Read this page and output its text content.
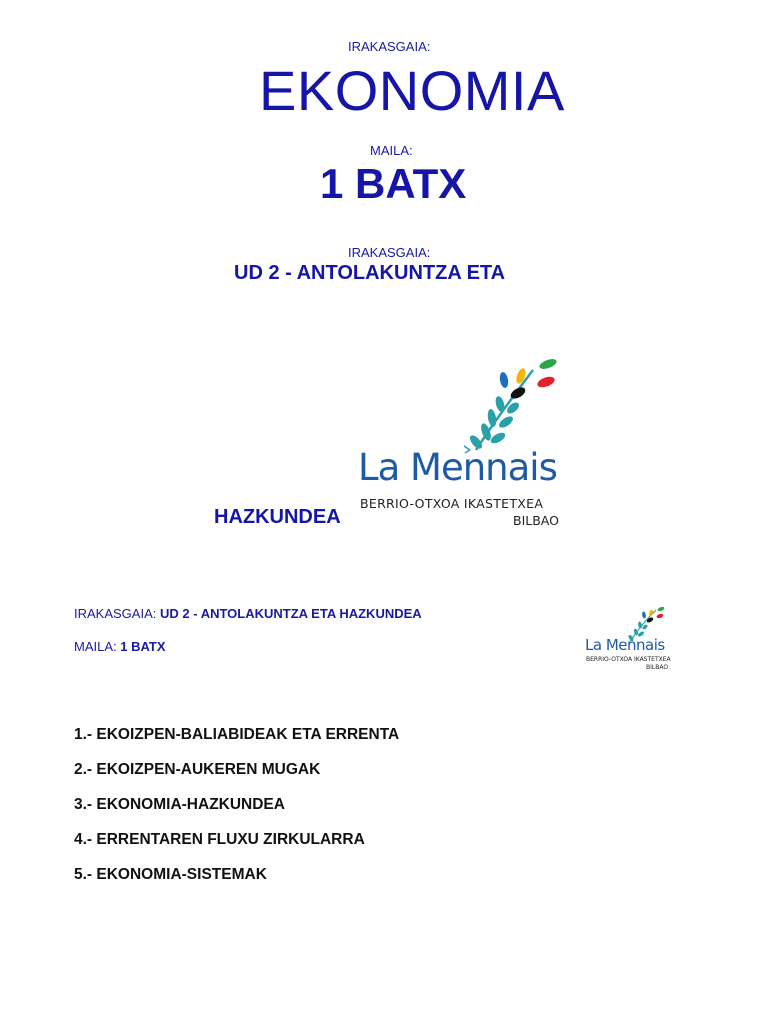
IRAKASGAIA:
EKONOMIA
MAILA:
1 BATX
IRAKASGAIA:
UD 2 - ANTOLAKUNTZA ETA
HAZKUNDEA
La Mennais
BERRIO-OTXOA IKASTETXEA
BILBAO
IRAKASGAIA: UD 2 - ANTOLAKUNTZA ETA HAZKUNDEA
MAILA: 1 BATX	La Mennais
BERRIO-OTXOA IKASTETXEA
BILBAO
1.- EKOIZPEN-BALIABIDEAK ETA ERRENTA
2.- EKOIZPEN-AUKEREN MUGAK
3.- EKONOMIA-HAZKUNDEA
4.- ERRENTAREN FLUXU ZIRKULARRA
5.- EKONOMIA-SISTEMAK
